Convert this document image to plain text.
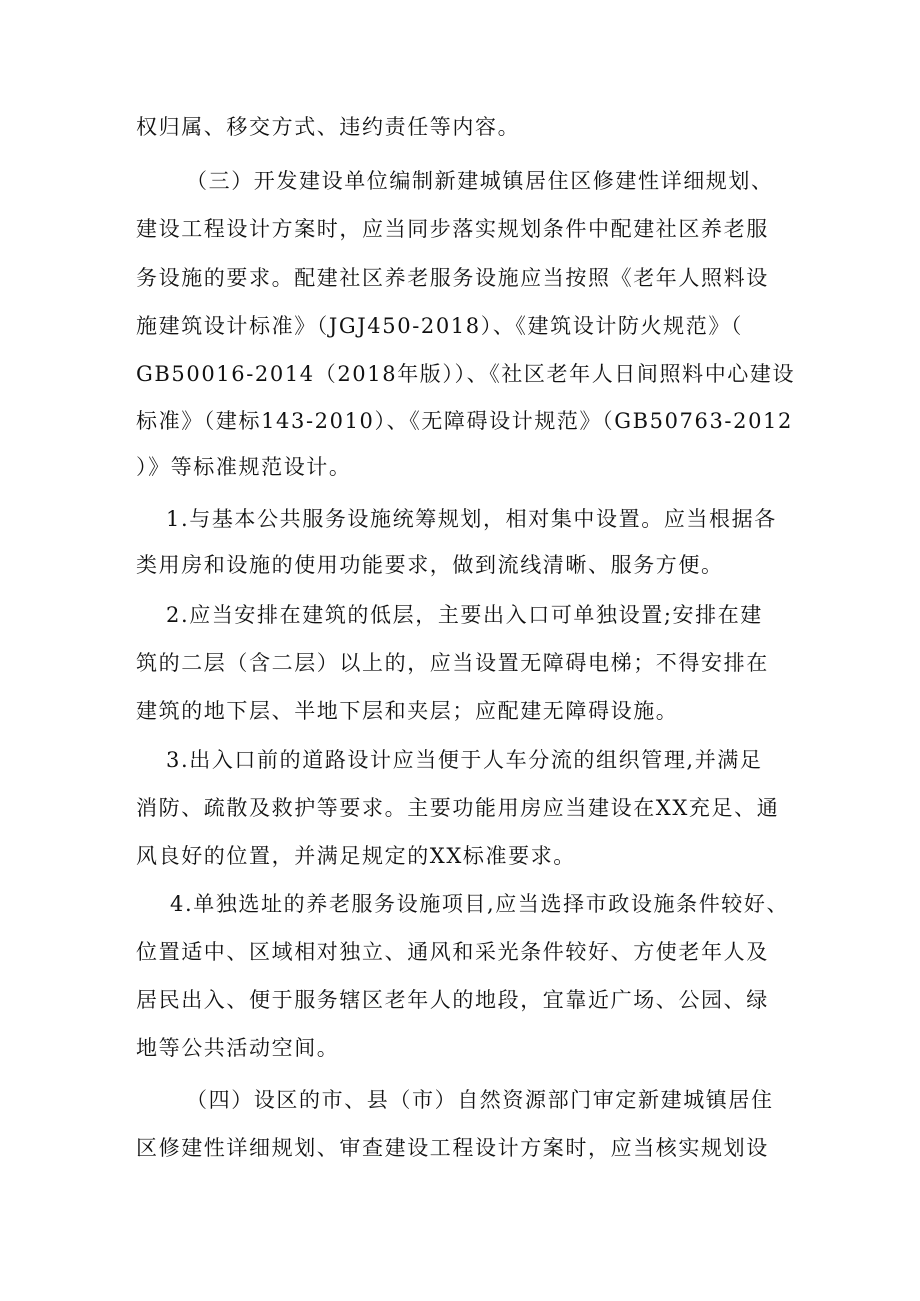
权归属、移交方式、违约责任等内容。
（三）开发建设单位编制新建城镇居住区修建性详细规划、
建设工程设计方案时，应当同步落实规划条件中配建社区养老服
务设施的要求。配建社区养老服务设施应当按照《老年人照料设
施建筑设计标准》（JGJ450-2018）、《建筑设计防火规范》（
GB50016-2014（2018年版））、《社区老年人日间照料中心建设
标准》（建标143-2010）、《无障碍设计规范》（GB50763-2012
）》等标准规范设计。
1.与基本公共服务设施统筹规划，相对集中设置。应当根据各
类用房和设施的使用功能要求，做到流线清晰、服务方便。
2.应当安排在建筑的低层，主要出入口可单独设置;安排在建
筑的二层（含二层）以上的，应当设置无障碍电梯；不得安排在
建筑的地下层、半地下层和夹层；应配建无障碍设施。
3.出入口前的道路设计应当便于人车分流的组织管理,并满足
消防、疏散及救护等要求。主要功能用房应当建设在XX充足、通
风良好的位置，并满足规定的XX标准要求。
4.单独选址的养老服务设施项目,应当选择市政设施条件较好、
位置适中、区域相对独立、通风和采光条件较好、方使老年人及
居民出入、便于服务辖区老年人的地段，宜靠近广场、公园、绿
地等公共活动空间。
（四）设区的市、县（市）自然资源部门审定新建城镇居住
区修建性详细规划、审查建设工程设计方案时，应当核实规划设
